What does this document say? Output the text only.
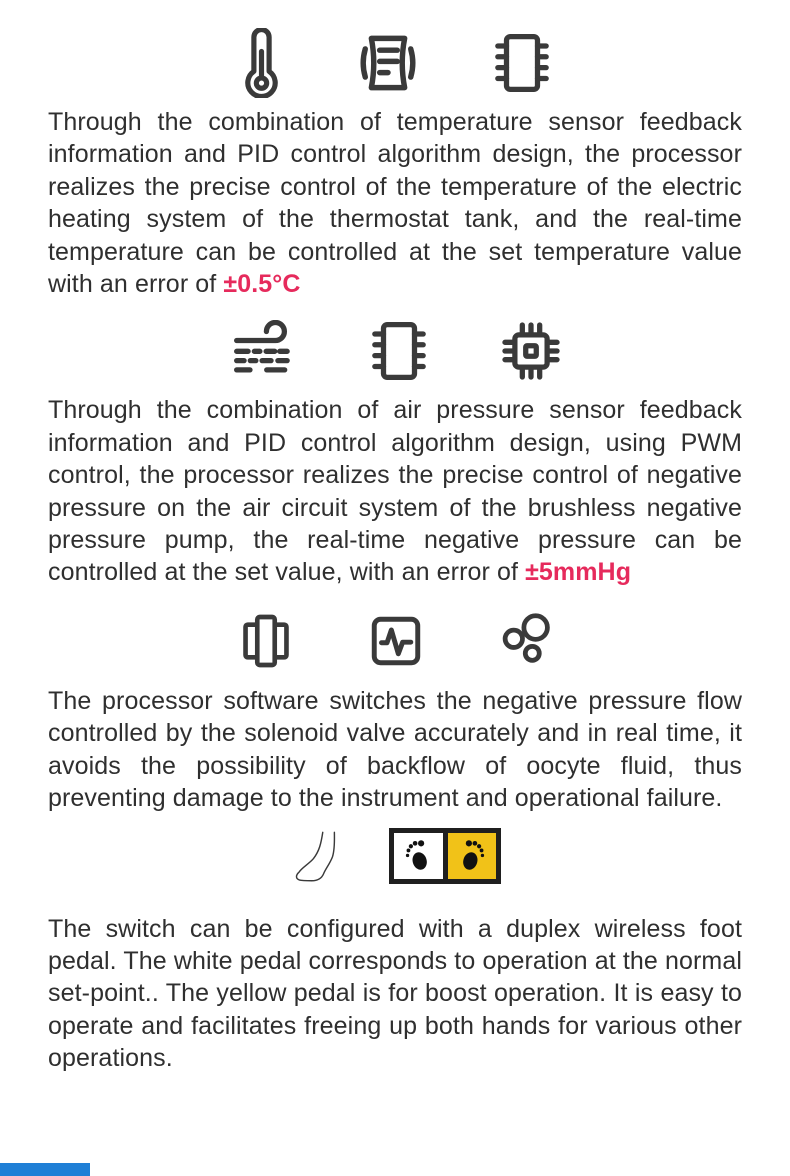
Through the combination of temperature sensor feedback information and PID control algorithm design, the processor realizes the precise control of the temperature of the electric heating system of the thermostat tank, and the real-time temperature can be controlled at the set temperature value with an error of ±0.5°C

Through the combination of air pressure sensor feedback information and PID control algorithm design, using PWM control, the processor realizes the precise control of negative pressure on the air circuit system of the brushless negative pressure pump, the real-time negative pressure can be controlled at the set value, with an error of ±5mmHg

The processor software switches the negative pressure flow controlled by the solenoid valve accurately and in real time, it avoids the possibility of backflow of oocyte fluid, thus preventing damage to the instrument and operational failure.

The switch can be configured with a duplex wireless foot pedal. The white pedal corresponds to operation at the normal set-point.. The yellow pedal is for boost operation. It is easy to operate and facilitates freeing up both hands for various other operations.
